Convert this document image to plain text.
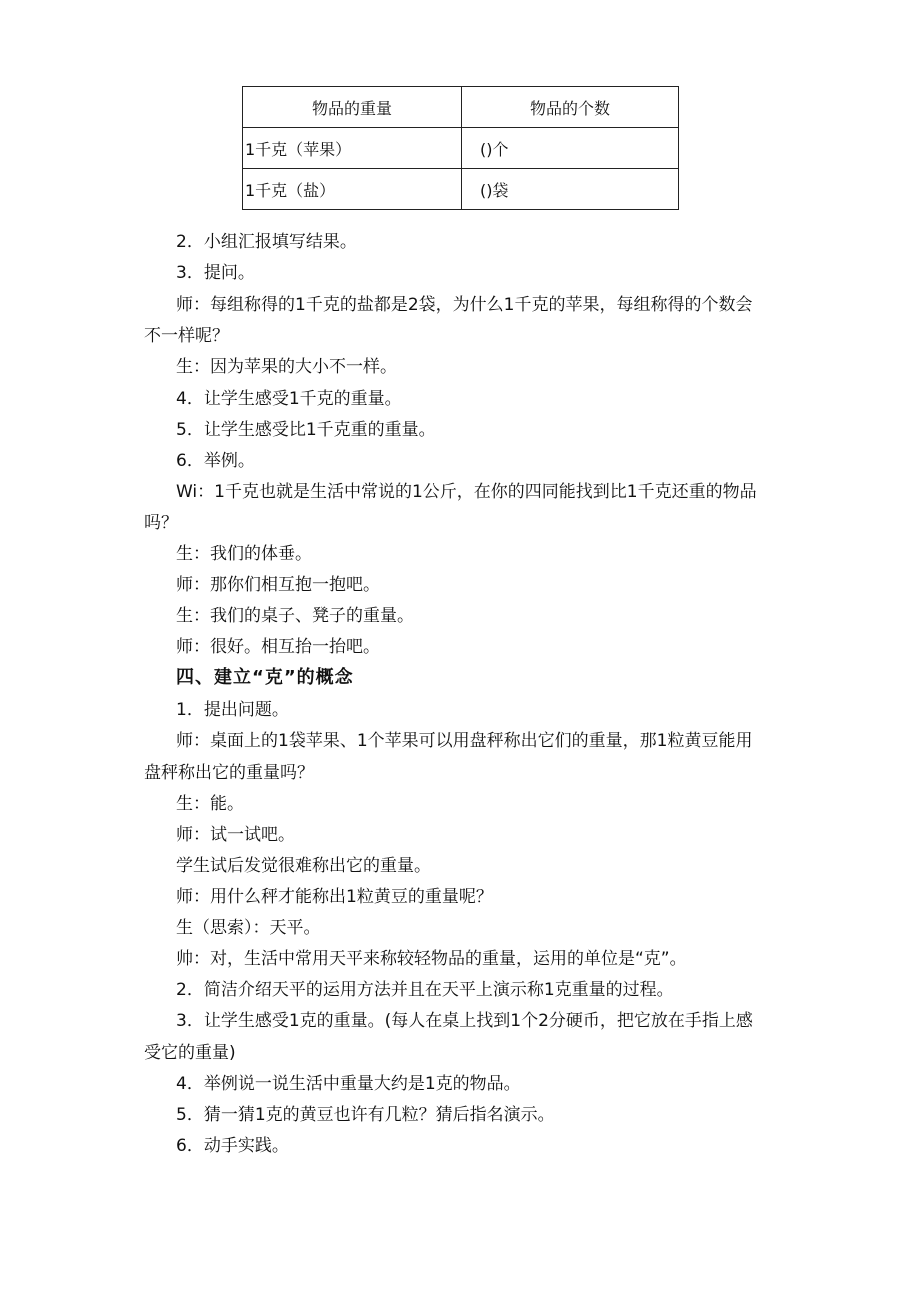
物品的重量	物品的个数
1千克（苹果）	()个
1千克（盐）	()袋
2．小组汇报填写结果。
3．提问。
师：每组称得的1千克的盐都是2袋，为什么1千克的苹果，每组称得的个数会
不一样呢？
生：因为苹果的大小不一样。
4．让学生感受1千克的重量。
5．让学生感受比1千克重的重量。
6．举例。
Wi：1千克也就是生活中常说的1公斤，在你的四同能找到比1千克还重的物品
吗？
生：我们的体垂。
师：那你们相互抱一抱吧。
生：我们的桌子、凳子的重量。
师：很好。相互抬一抬吧。
四、建立“克”的概念
1．提出问题。
师：桌面上的1袋苹果、1个苹果可以用盘秤称出它们的重量，那1粒黄豆能用
盘秤称出它的重量吗？
生：能。
师：试一试吧。
学生试后发觉很难称出它的重量。
师：用什么秤才能称出1粒黄豆的重量呢？
生（思索）：天平。
帅：对，生活中常用天平来称较轻物品的重量，运用的单位是“克”。
2．简洁介绍天平的运用方法并且在天平上演示称1克重量的过程。
3．让学生感受1克的重量。(每人在桌上找到1个2分硬币，把它放在手指上感
受它的重量)
4．举例说一说生活中重量大约是1克的物品。
5．猜一猜1克的黄豆也许有几粒？猜后指名演示。
6．动手实践。
